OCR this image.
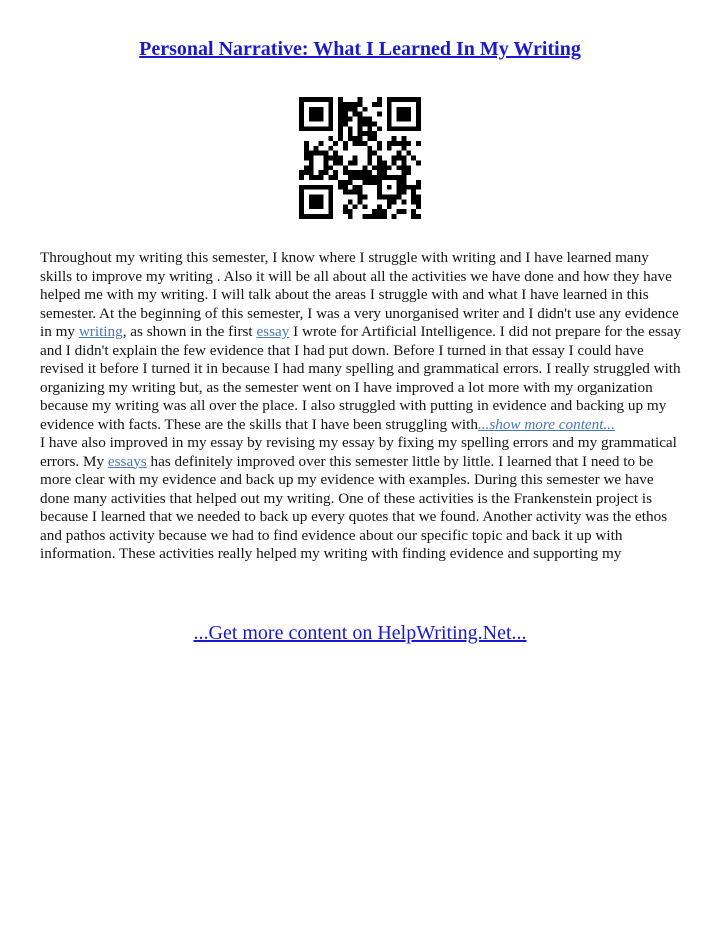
Personal Narrative: What I Learned In My Writing

Throughout my writing this semester, I know where I struggle with writing and I have learned many skills to improve my writing . Also it will be all about all the activities we have done and how they have helped me with my writing. I will talk about the areas I struggle with and what I have learned in this semester. At the beginning of this semester, I was a very unorganised writer and I didn't use any evidence in my writing, as shown in the first essay I wrote for Artificial Intelligence. I did not prepare for the essay and I didn't explain the few evidence that I had put down. Before I turned in that essay I could have revised it before I turned it in because I had many spelling and grammatical errors. I really struggled with organizing my writing but, as the semester went on I have improved a lot more with my organization because my writing was all over the place. I also struggled with putting in evidence and backing up my evidence with facts. These are the skills that I have been struggling with...show more content...

I have also improved in my essay by revising my essay by fixing my spelling errors and my grammatical errors. My essays has definitely improved over this semester little by little. I learned that I need to be more clear with my evidence and back up my evidence with examples. During this semester we have done many activities that helped out my writing. One of these activities is the Frankenstein project is because I learned that we needed to back up every quotes that we found. Another activity was the ethos and pathos activity because we had to find evidence about our specific topic and back it up with information. These activities really helped my writing with finding evidence and supporting my

...Get more content on HelpWriting.Net...
